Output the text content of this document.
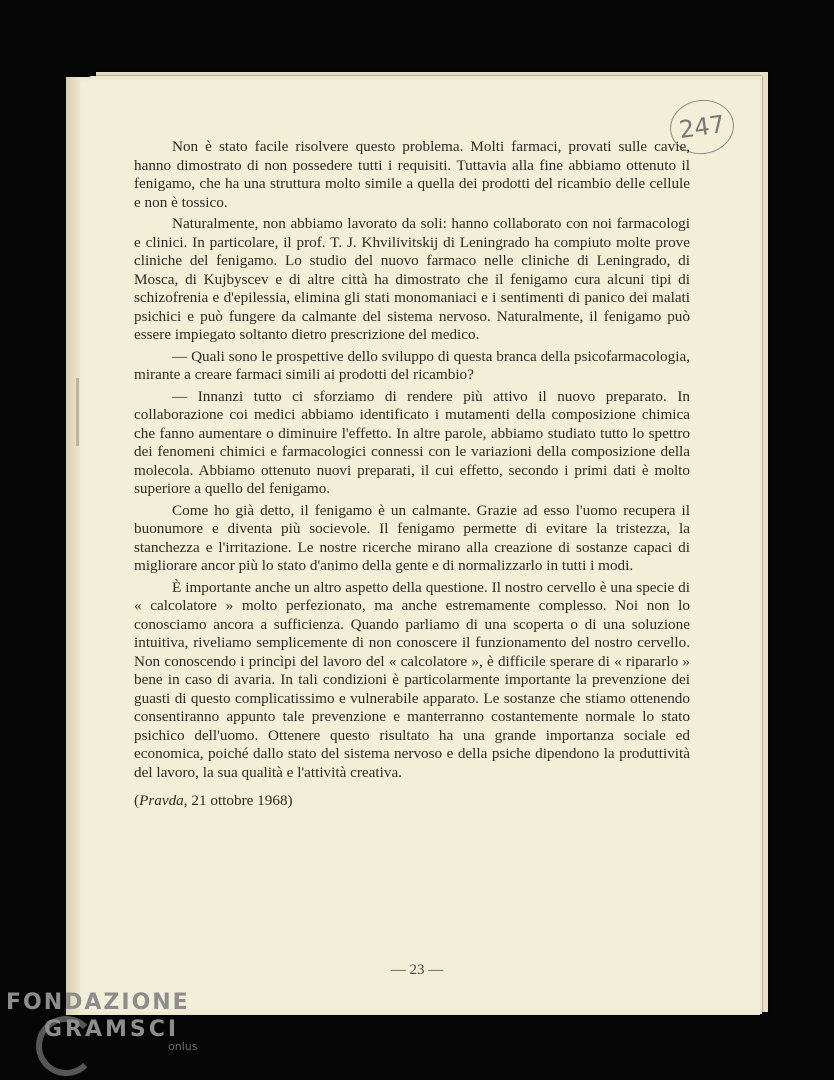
247

Non è stato facile risolvere questo problema. Molti farmaci, provati sulle cavie, hanno dimostrato di non possedere tutti i requisiti. Tuttavia alla fine abbiamo ottenuto il fenigamo, che ha una struttura molto simile a quella dei prodotti del ricambio delle cellule e non è tossico.

Naturalmente, non abbiamo lavorato da soli: hanno collaborato con noi farmacologi e clinici. In particolare, il prof. T. J. Khvilivitskij di Leningrado ha compiuto molte prove cliniche del fenigamo. Lo studio del nuovo farmaco nelle cliniche di Leningrado, di Mosca, di Kujbyscev e di altre città ha dimostrato che il fenigamo cura alcuni tipi di schizofrenia e d'epilessia, elimina gli stati monomaniaci e i sentimenti di panico dei malati psichici e può fungere da calmante del sistema nervoso. Naturalmente, il fenigamo può essere impiegato soltanto dietro prescrizione del medico.

— Quali sono le prospettive dello sviluppo di questa branca della psicofarmacologia, mirante a creare farmaci simili ai prodotti del ricambio?

— Innanzi tutto ci sforziamo di rendere più attivo il nuovo preparato. In collaborazione coi medici abbiamo identificato i mutamenti della composizione chimica che fanno aumentare o diminuire l'effetto. In altre parole, abbiamo studiato tutto lo spettro dei fenomeni chimici e farmacologici connessi con le variazioni della composizione della molecola. Abbiamo ottenuto nuovi preparati, il cui effetto, secondo i primi dati è molto superiore a quello del fenigamo.

Come ho già detto, il fenigamo è un calmante. Grazie ad esso l'uomo recupera il buonumore e diventa più socievole. Il fenigamo permette di evitare la tristezza, la stanchezza e l'irritazione. Le nostre ricerche mirano alla creazione di sostanze capaci di migliorare ancor più lo stato d'animo della gente e di normalizzarlo in tutti i modi.

È importante anche un altro aspetto della questione. Il nostro cervello è una specie di « calcolatore » molto perfezionato, ma anche estremamente complesso. Noi non lo conosciamo ancora a sufficienza. Quando parliamo di una scoperta o di una soluzione intuitiva, riveliamo semplicemente di non conoscere il funzionamento del nostro cervello. Non conoscendo i princìpi del lavoro del « calcolatore », è difficile sperare di « ripararlo » bene in caso di avaria. In tali condizioni è particolarmente importante la prevenzione dei guasti di questo complicatissimo e vulnerabile apparato. Le sostanze che stiamo ottenendo consentiranno appunto tale prevenzione e manterranno costantemente normale lo stato psichico dell'uomo. Ottenere questo risultato ha una grande importanza sociale ed economica, poiché dallo stato del sistema nervoso e della psiche dipendono la produttività del lavoro, la sua qualità e l'attività creativa.

(Pravda, 21 ottobre 1968)

— 23 —
FONDAZIONE
GRAMSCI
onlus
